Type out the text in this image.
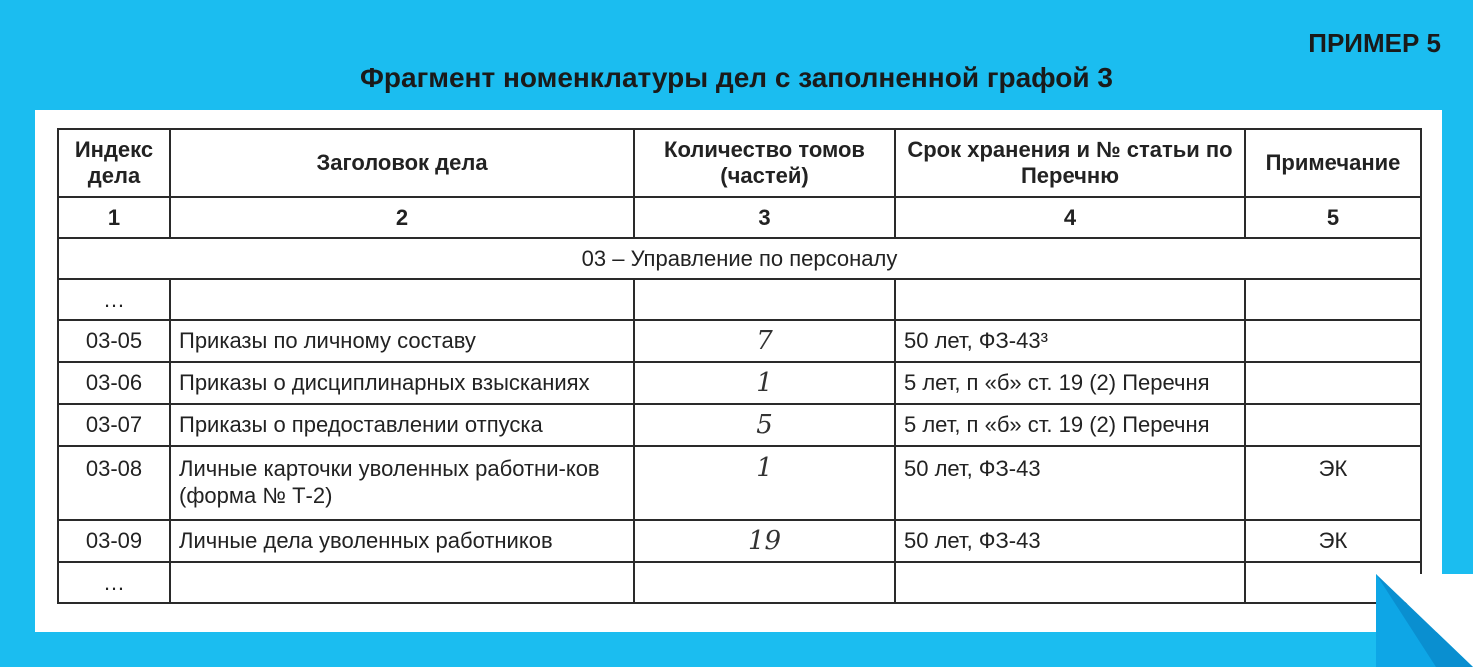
ПРИМЕР 5
Фрагмент номенклатуры дел с заполненной графой 3
Индекс дела	Заголовок дела	Количество томов (частей)	Срок хранения и № статьи по Перечню	Примечание
1	2	3	4	5
03 – Управление по персоналу				
…				
03-05	Приказы по личному составу	7	50 лет, ФЗ-43³	
03-06	Приказы о дисциплинарных взысканиях	1	5 лет, п «б» ст. 19 (2) Перечня	
03-07	Приказы о предоставлении отпуска	5	5 лет, п «б» ст. 19 (2) Перечня	
03-08	Личные карточки уволенных работни-ков (форма № Т-2)	1	50 лет, ФЗ-43	ЭК
03-09	Личные дела уволенных работников	19	50 лет, ФЗ-43	ЭК
…				
